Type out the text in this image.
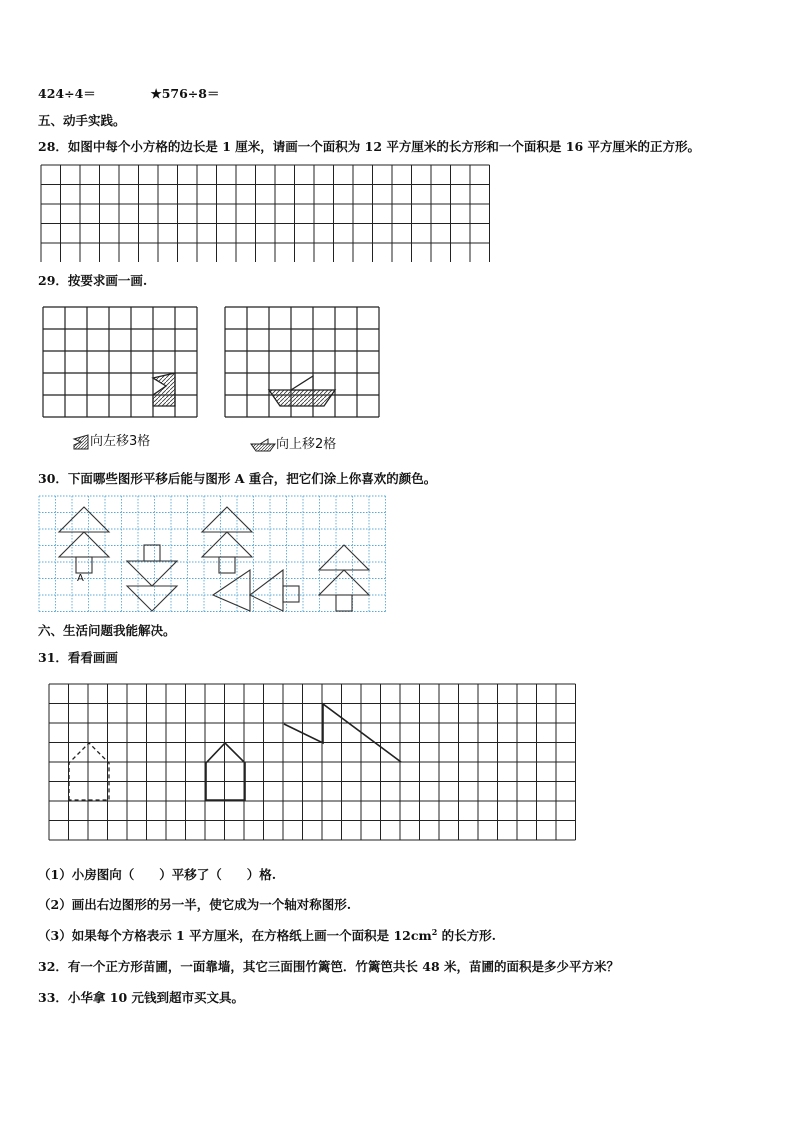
424÷4＝	★576÷8＝
五、动手实践。
28．如图中每个小方格的边长是 1 厘米，请画一个面积为 12 平方厘米的长方形和一个面积是 16 平方厘米的正方形。
29．按要求画一画.
向左移3格	向上移2格
30．下面哪些图形平移后能与图形 A 重合，把它们涂上你喜欢的颜色。
A
六、生活问题我能解决。
31．看看画画
（1）小房图向（　　）平移了（　　）格.
（2）画出右边图形的另一半，使它成为一个轴对称图形.
（3）如果每个方格表示 1 平方厘米，在方格纸上画一个面积是 $12cm^2$ 的长方形.
32．有一个正方形苗圃，一面靠墙，其它三面围竹篱笆．竹篱笆共长 48 米，苗圃的面积是多少平方米？
33．小华拿 10 元钱到超市买文具。
